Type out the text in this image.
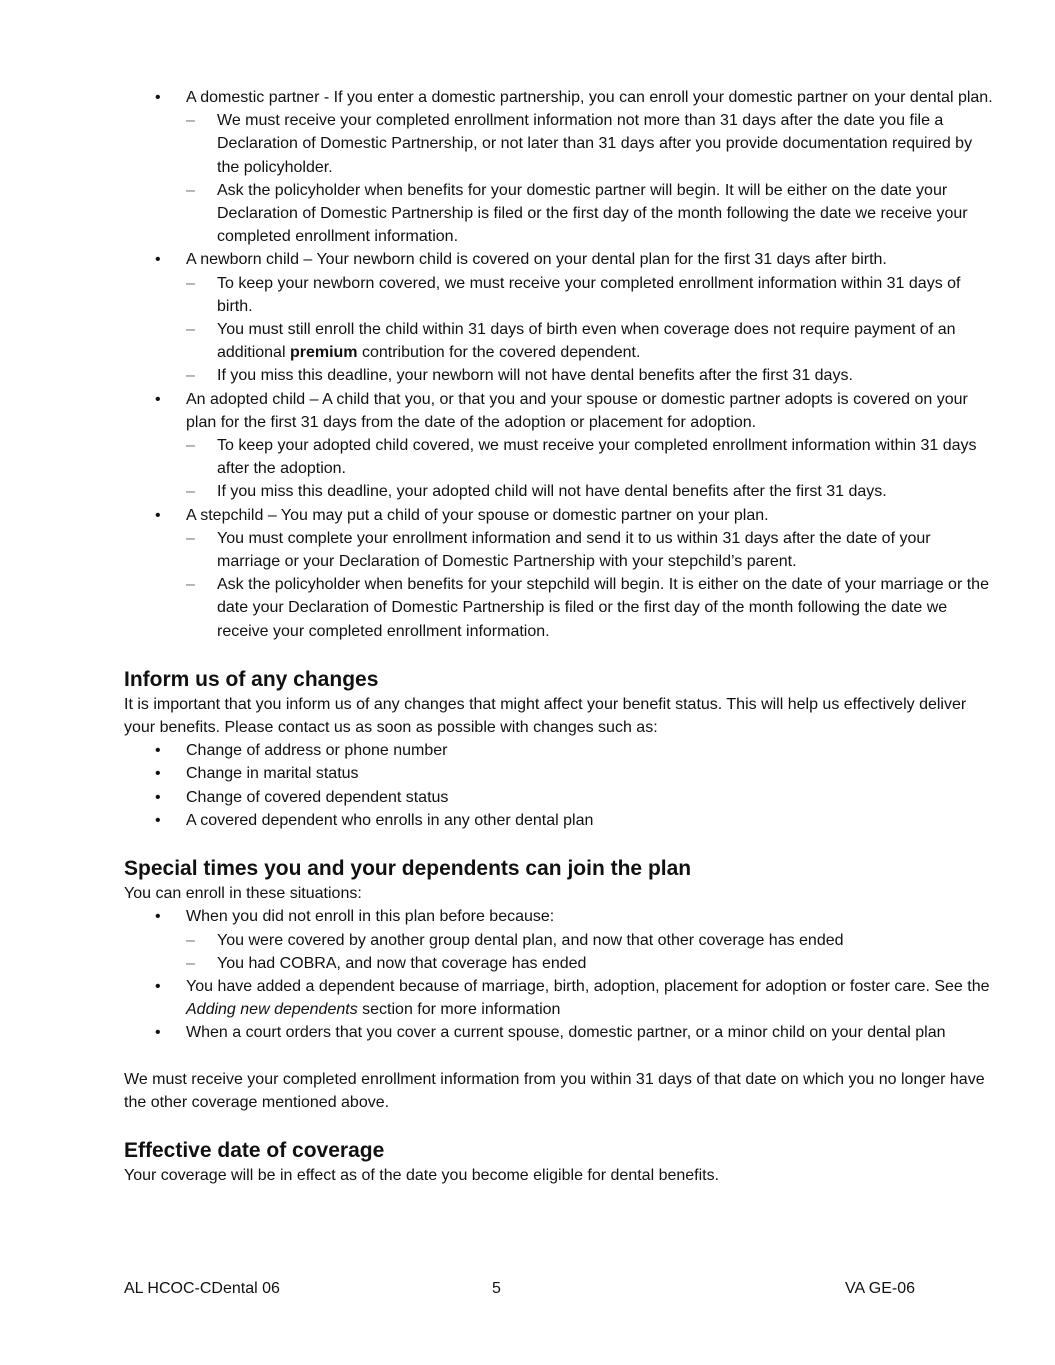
• A domestic partner - If you enter a domestic partnership, you can enroll your domestic partner on your dental plan.
– We must receive your completed enrollment information not more than 31 days after the date you file a Declaration of Domestic Partnership, or not later than 31 days after you provide documentation required by the policyholder.
– Ask the policyholder when benefits for your domestic partner will begin. It will be either on the date your Declaration of Domestic Partnership is filed or the first day of the month following the date we receive your completed enrollment information.
• A newborn child – Your newborn child is covered on your dental plan for the first 31 days after birth.
– To keep your newborn covered, we must receive your completed enrollment information within 31 days of birth.
– You must still enroll the child within 31 days of birth even when coverage does not require payment of an additional premium contribution for the covered dependent.
– If you miss this deadline, your newborn will not have dental benefits after the first 31 days.
• An adopted child – A child that you, or that you and your spouse or domestic partner adopts is covered on your plan for the first 31 days from the date of the adoption or placement for adoption.
– To keep your adopted child covered, we must receive your completed enrollment information within 31 days after the adoption.
– If you miss this deadline, your adopted child will not have dental benefits after the first 31 days.
• A stepchild – You may put a child of your spouse or domestic partner on your plan.
– You must complete your enrollment information and send it to us within 31 days after the date of your marriage or your Declaration of Domestic Partnership with your stepchild’s parent.
– Ask the policyholder when benefits for your stepchild will begin. It is either on the date of your marriage or the date your Declaration of Domestic Partnership is filed or the first day of the month following the date we receive your completed enrollment information.
Inform us of any changes

It is important that you inform us of any changes that might affect your benefit status. This will help us effectively deliver your benefits. Please contact us as soon as possible with changes such as:

• Change of address or phone number
• Change in marital status
• Change of covered dependent status
• A covered dependent who enrolls in any other dental plan
Special times you and your dependents can join the plan

You can enroll in these situations:

• When you did not enroll in this plan before because:
– You were covered by another group dental plan, and now that other coverage has ended
– You had COBRA, and now that coverage has ended
• You have added a dependent because of marriage, birth, adoption, placement for adoption or foster care. See the Adding new dependents section for more information
• When a court orders that you cover a current spouse, domestic partner, or a minor child on your dental plan

We must receive your completed enrollment information from you within 31 days of that date on which you no longer have the other coverage mentioned above.

Effective date of coverage

Your coverage will be in effect as of the date you become eligible for dental benefits.

AL HCOC-CDental 06	5	VA GE-06
